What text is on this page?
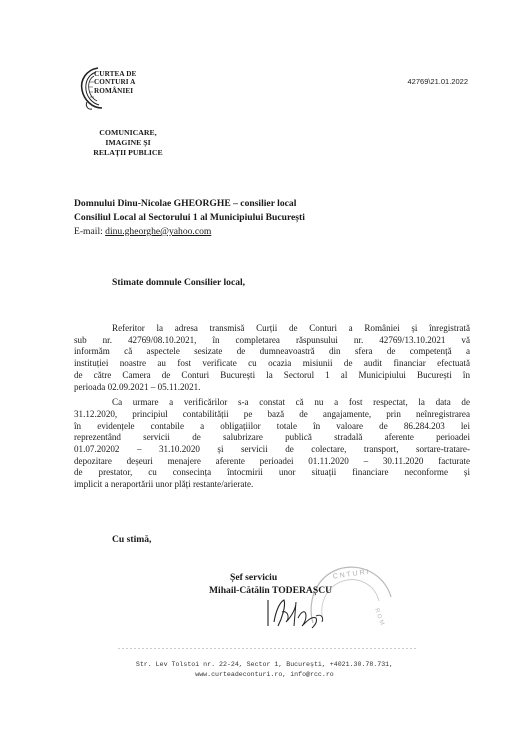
CURTEA DE
CONTURI A
ROMÂNIEI
COMUNICARE,
IMAGINE ȘI
RELAȚII PUBLICE
42769\21.01.2022
Domnului Dinu-Nicolae GHEORGHE – consilier local
Consiliul Local al Sectorului 1 al Municipiului București
E-mail: dinu.gheorghe@yahoo.com
Stimate domnule Consilier local,
Referitor la adresa transmisă Curții de Conturi a României și înregistrată
sub nr. 42769/08.10.2021, în completarea răspunsului nr. 42769/13.10.2021 vă
informăm că aspectele sesizate de dumneavoastră din sfera de competență a
instituției noastre au fost verificate cu ocazia misiunii de audit financiar efectuată
de către Camera de Conturi București la Sectorul 1 al Municipiului București în
perioada 02.09.2021 – 05.11.2021.
Ca urmare a verificărilor s-a constat că nu a fost respectat, la data de
31.12.2020, principiul contabilității pe bază de angajamente, prin neînregistrarea
în evidențele contabile a obligațiilor totale în valoare de 86.284.203 lei
reprezentând servicii de salubrizare publică stradală aferente perioadei
01.07.20202 – 31.10.2020 și servicii de colectare, transport, sortare-tratare-
depozitare deșeuri menajere aferente perioadei 01.11.2020 – 30.11.2020 facturate
de prestator, cu consecința întocmirii unor situații financiare neconforme și
implicit a neraportării unor plăți restante/arierate.
Cu stimă,
C N T U R I
R O M
Șef serviciu
Mihail-Cătălin TODERAȘCU
Str. Lev Tolstoi nr. 22-24, Sector 1, București, +4021.30.78.731,
www.curteadeconturi.ro, info@rcc.ro
